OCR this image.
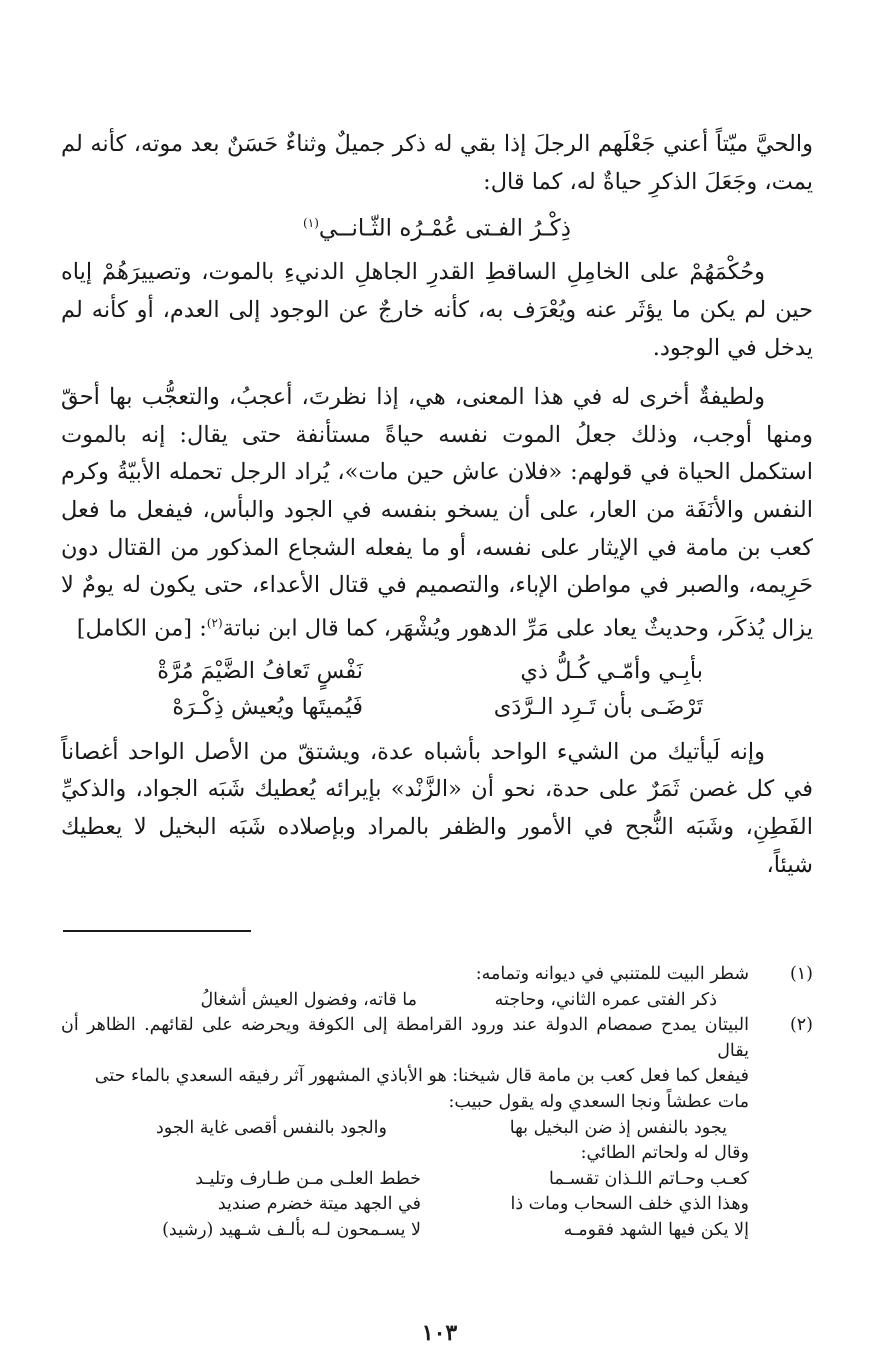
والحيَّ ميّتاً أعني جَعْلَهم الرجلَ إذا بقي له ذكر جميلٌ وثناءٌ حَسَنٌ بعد موته، كأنه لم يمت، وجَعَلَ الذكرِ حياةٌ له، كما قال:

ذِكْـرُ الفـتى عُمْـرُه الثّـانــي$^{(١)}$

وحُكْمَهُمْ على الخامِلِ الساقطِ القدرِ الجاهلِ الدنيءِ بالموت، وتصييرَهُمْ إياه حين لم يكن ما يؤثَر عنه ويُعْرَف به، كأنه خارجٌ عن الوجود إلى العدم، أو كأنه لم يدخل في الوجود.

ولطيفةٌ أخرى له في هذا المعنى، هي، إذا نظرتَ، أعجبُ، والتعجُّب بها أحقّ ومنها أوجب، وذلك جعلُ الموت نفسه حياةً مستأنفة حتى يقال: إنه بالموت استكمل الحياة في قولهم: «فلان عاش حين مات»، يُراد الرجل تحمله الأبيّةُ وكرم النفس والأنَفَة من العار، على أن يسخو بنفسه في الجود والبأس، فيفعل ما فعل كعب بن مامة في الإيثار على نفسه، أو ما يفعله الشجاع المذكور من القتال دون حَرِيمه، والصبر في مواطن الإباء، والتصميم في قتال الأعداء، حتى يكون له يومٌ لا يزال يُذكَر، وحديثٌ يعاد على مَرِّ الدهور ويُشْهَر، كما قال ابن نباتة$^{(٢)}$: [من الكامل]

بأبِـي وأمّـي كُـلُّ ذي
نَفْسٍ تَعافُ الضَّيْمَ مُرَّةْ
تَرْضَـى بأن تَـرِد الـرَّدَى
فَيُميتَها ويُعيش ذِكْـرَهْ

وإنه لَيأتيك من الشيء الواحد بأشباه عدة، ويشتقّ من الأصل الواحد أغصاناً في كل غصن ثَمَرٌ على حدة، نحو أن «الزَّنْد» بإيرائه يُعطيك شَبَه الجواد، والذكيِّ الفَطِنِ، وشَبَه النُّجح في الأمور والظفر بالمراد وبإصلاده شَبَه البخيل لا يعطيك شيئاً،

(١)
شطر البيت للمتنبي في ديوانه وتمامه:

ذكر الفتى عمره الثاني، وحاجته
ما قاته، وفضول العيش أشغالُ

(٢)
البيتان يمدح صمصام الدولة عند ورود القرامطة إلى الكوفة ويحرضه على لقائهم. الظاهر أن يقال

فيفعل كما فعل كعب بن مامة قال شيخنا: هو الأباذي المشهور آثر رفيقه السعدي بالماء حتى

مات عطشاً ونجا السعدي وله يقول حبيب:

يجود بالنفس إذ ضن البخيل بها
والجود بالنفس أقصى غاية الجود

وقال له ولحاتم الطائي:

كعـب وحـاتم اللـذان تقسـما
خطط العلـى مـن طـارف وتليـد

وهذا الذي خلف السحاب ومات ذا
في الجهد ميتة خضرم صنديد

إلا يكن فيها الشهد فقومـه
لا يسـمحون لـه بألـف شـهيد (رشيد)

١٠٣
